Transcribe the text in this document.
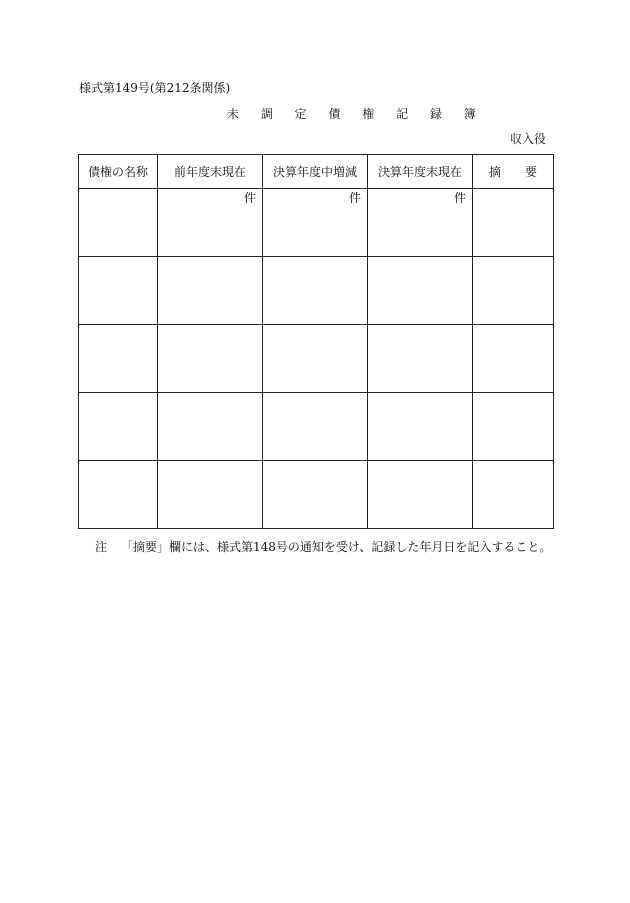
様式第149号(第212条関係)
未 調 定 債 権 記 録 簿
収入役
債権の名称	前年度末現在	決算年度中増減	決算年度末現在	摘　　要

	件	件	件	

注 「摘要」欄には、様式第148号の通知を受け、記録した年月日を記入すること。
